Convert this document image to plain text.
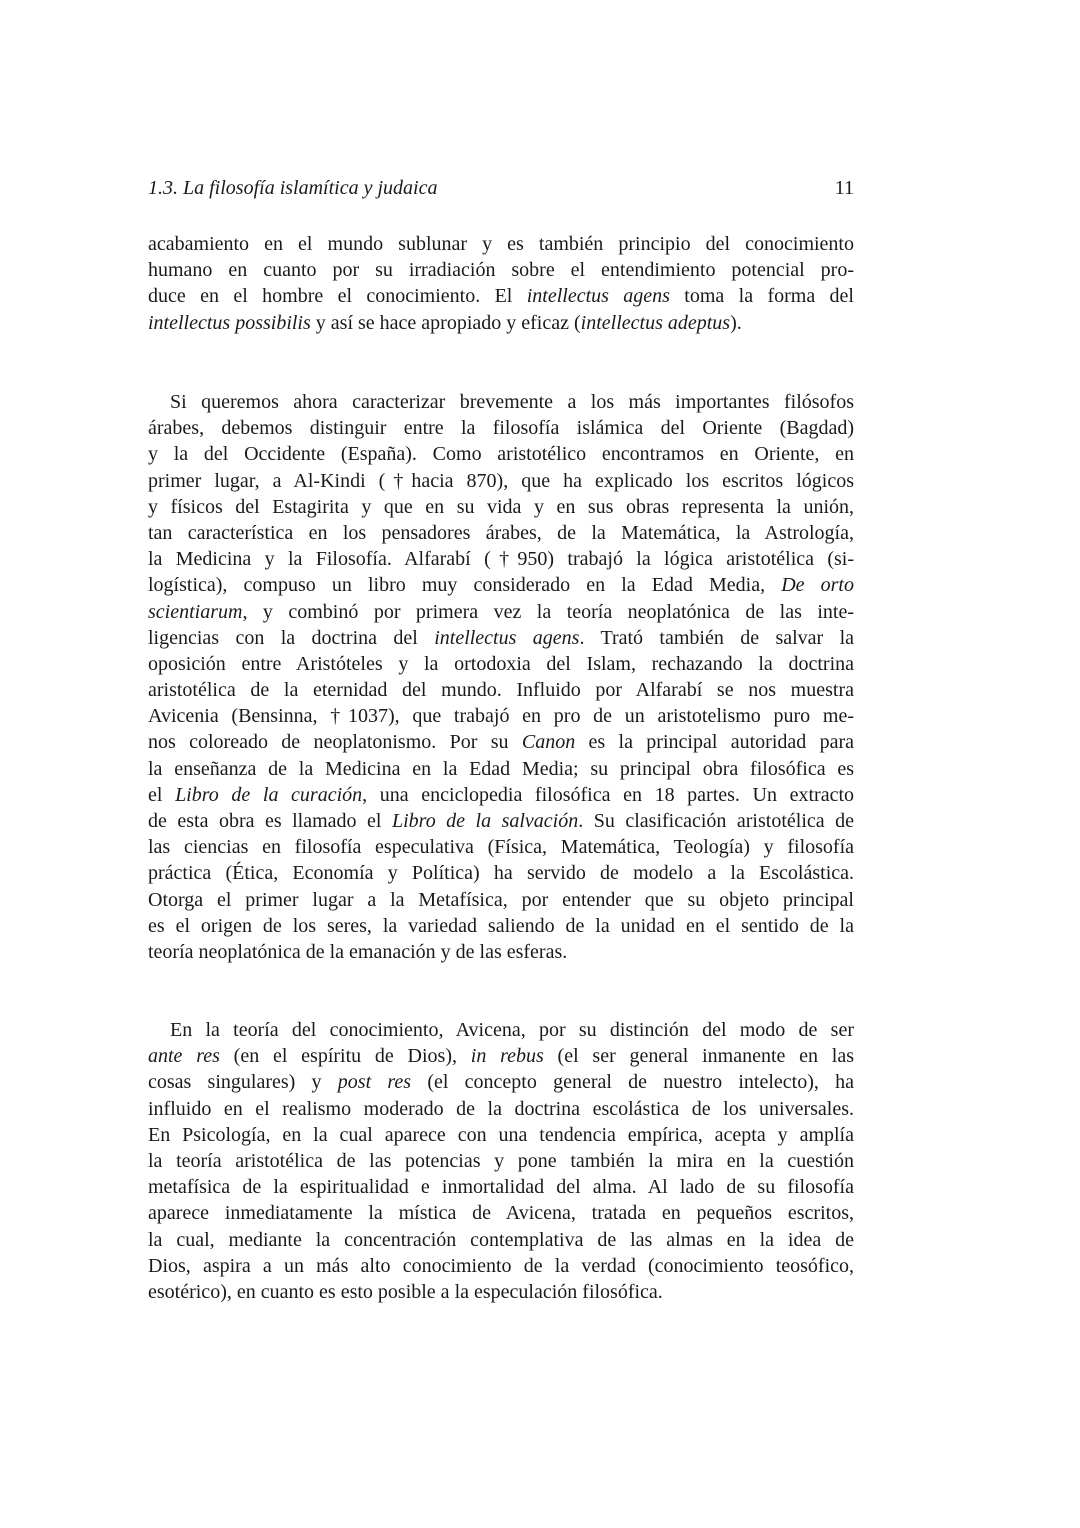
1.3. La filosofía islamítica y judaica	11
acabamiento en el mundo sublunar y es también principio del conocimiento
humano en cuanto por su irradiación sobre el entendimiento potencial pro-
duce en el hombre el conocimiento. El intellectus agens toma la forma del
intellectus possibilis y así se hace apropiado y eficaz (intellectus adeptus).
Si queremos ahora caracterizar brevemente a los más importantes filósofos
árabes, debemos distinguir entre la filosofía islámica del Oriente (Bagdad)
y la del Occidente (España). Como aristotélico encontramos en Oriente, en
primer lugar, a Al-Kindi (†hacia 870), que ha explicado los escritos lógicos
y físicos del Estagirita y que en su vida y en sus obras representa la unión,
tan característica en los pensadores árabes, de la Matemática, la Astrología,
la Medicina y la Filosofía. Alfarabí (†950) trabajó la lógica aristotélica (si-
logística), compuso un libro muy considerado en la Edad Media, De orto
scientiarum, y combinó por primera vez la teoría neoplatónica de las inte-
ligencias con la doctrina del intellectus agens. Trató también de salvar la
oposición entre Aristóteles y la ortodoxia del Islam, rechazando la doctrina
aristotélica de la eternidad del mundo. Influido por Alfarabí se nos muestra
Avicenia (Bensinna, †1037), que trabajó en pro de un aristotelismo puro me-
nos coloreado de neoplatonismo. Por su Canon es la principal autoridad para
la enseñanza de la Medicina en la Edad Media; su principal obra filosófica es
el Libro de la curación, una enciclopedia filosófica en 18 partes. Un extracto
de esta obra es llamado el Libro de la salvación. Su clasificación aristotélica de
las ciencias en filosofía especulativa (Física, Matemática, Teología) y filosofía
práctica (Ética, Economía y Política) ha servido de modelo a la Escolástica.
Otorga el primer lugar a la Metafísica, por entender que su objeto principal
es el origen de los seres, la variedad saliendo de la unidad en el sentido de la
teoría neoplatónica de la emanación y de las esferas.
En la teoría del conocimiento, Avicena, por su distinción del modo de ser
ante res (en el espíritu de Dios), in rebus (el ser general inmanente en las
cosas singulares) y post res (el concepto general de nuestro intelecto), ha
influido en el realismo moderado de la doctrina escolástica de los universales.
En Psicología, en la cual aparece con una tendencia empírica, acepta y amplía
la teoría aristotélica de las potencias y pone también la mira en la cuestión
metafísica de la espiritualidad e inmortalidad del alma. Al lado de su filosofía
aparece inmediatamente la mística de Avicena, tratada en pequeños escritos,
la cual, mediante la concentración contemplativa de las almas en la idea de
Dios, aspira a un más alto conocimiento de la verdad (conocimiento teosófico,
esotérico), en cuanto es esto posible a la especulación filosófica.
